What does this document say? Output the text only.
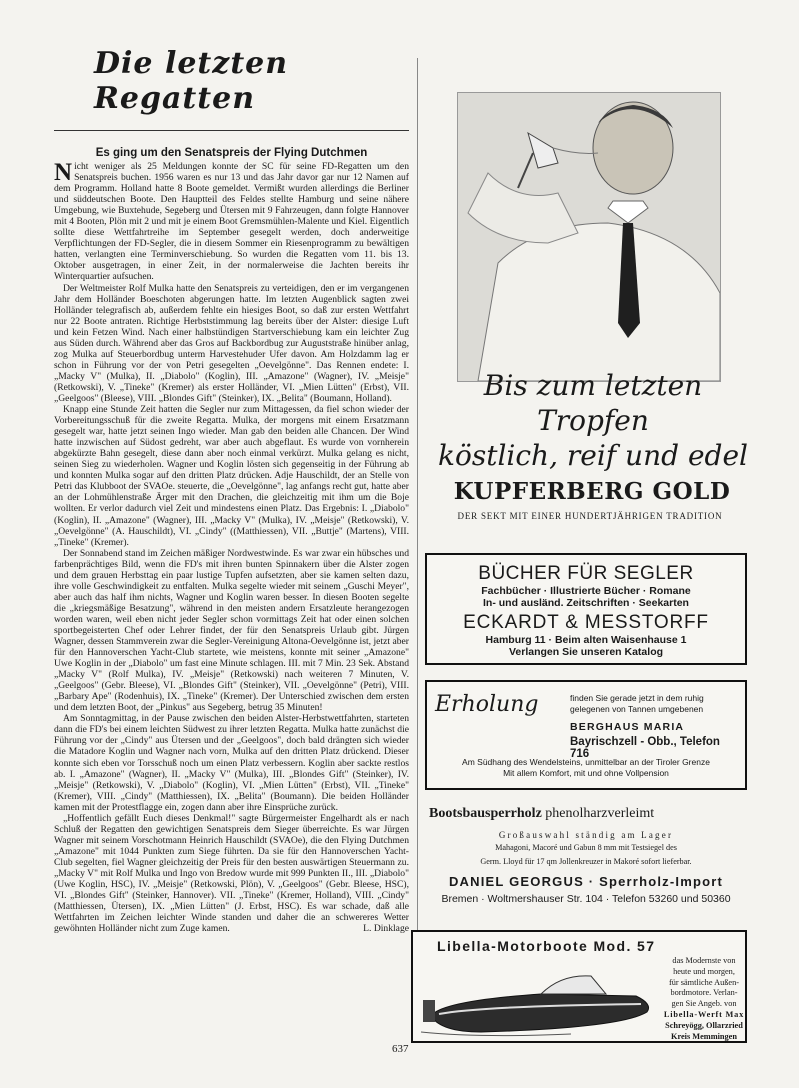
Die letzten Regatten
Es ging um den Senatspreis der Flying Dutchmen

Nicht weniger als 25 Meldungen konnte der SC für seine FD-Regatten um den Senatspreis buchen. 1956 waren es nur 13 und das Jahr davor gar nur 12 Namen auf dem Programm. Holland hatte 8 Boote gemeldet. Vermißt wurden allerdings die Berliner und süddeutschen Boote. Den Hauptteil des Feldes stellte Hamburg und seine nähere Umgebung, wie Buxtehude, Segeberg und Ütersen mit 9 Fahrzeugen, dann folgte Hannover mit 4 Booten, Plön mit 2 und mit je einem Boot Gremsmühlen-Malente und Kiel. Eigentlich sollte diese Wettfahrtreihe im September gesegelt werden, doch anderweitige Verpflichtungen der FD-Segler, die in diesem Sommer ein Riesenprogramm zu bewältigen hatten, verlangten eine Terminverschiebung. So wurden die Regatten vom 11. bis 13. Oktober ausgetragen, in einer Zeit, in der normalerweise die Jachten bereits ihr Winterquartier aufsuchen.

Der Weltmeister Rolf Mulka hatte den Senatspreis zu verteidigen, den er im vergangenen Jahr dem Holländer Boeschoten abgerungen hatte. Im letzten Augenblick sagten zwei Holländer telegrafisch ab, außerdem fehlte ein hiesiges Boot, so daß zur ersten Wettfahrt nur 22 Boote antraten. Richtige Herbststimmung lag bereits über der Alster: diesige Luft und kein Fetzen Wind. Nach einer halbstündigen Startverschiebung kam ein leichter Zug aus Süden durch. Während aber das Gros auf Backbordbug zur Auguststraße hinüber anlag, zog Mulka auf Steuerbordbug unterm Harvestehuder Ufer davon. Am Holzdamm lag er schon in Führung vor der von Petri gesegelten „Oevelgönne". Das Rennen endete: I. „Macky V" (Mulka), II. „Diabolo" (Koglin), III. „Amazone" (Wagner), IV. „Meisje" (Retkowski), V. „Tineke" (Kremer) als erster Holländer, VI. „Mien Lütten" (Erbst), VII. „Geelgoos" (Bleese), VIII. „Blondes Gift" (Steinker), IX. „Belita" (Boumann, Holland).

Knapp eine Stunde Zeit hatten die Segler nur zum Mittagessen, da fiel schon wieder der Vorbereitungsschuß für die zweite Regatta. Mulka, der morgens mit einem Ersatzmann gesegelt war, hatte jetzt seinen Ingo wieder. Man gab den beiden alle Chancen. Der Wind hatte inzwischen auf Südost gedreht, war aber auch abgeflaut. Es wurde von vornherein abgekürzte Bahn gesegelt, diese dann aber noch einmal verkürzt. Mulka gelang es nicht, seinen Sieg zu wiederholen. Wagner und Koglin lösten sich gegenseitig in der Führung ab und konnten Mulka sogar auf den dritten Platz drücken. Adje Hauschildt, der an Stelle von Petri das Klubboot der SVAOe. steuerte, die „Oevelgönne", lag anfangs recht gut, hatte aber an der Lohmühlenstraße Ärger mit den Drachen, die gleichzeitig mit ihm um die Boje wollten. Er verlor dadurch viel Zeit und mindestens einen Platz. Das Ergebnis: I. „Diabolo" (Koglin), II. „Amazone" (Wagner), III. „Macky V" (Mulka), IV. „Meisje" (Retkowski), V. „Oevelgönne" (A. Hauschildt), VI. „Cindy" ((Matthiessen), VII. „Buttje" (Martens), VIII. „Tineke" (Kremer).

Der Sonnabend stand im Zeichen mäßiger Nordwestwinde. Es war zwar ein hübsches und farbenprächtiges Bild, wenn die FD's mit ihren bunten Spinnakern über die Alster zogen und dem grauen Herbsttag ein paar lustige Tupfen aufsetzten, aber sie kamen selten dazu, ihre volle Geschwindigkeit zu entfalten. Mulka segelte wieder mit seinem „Guschi Meyer", aber auch das half ihm nichts, Wagner und Koglin waren besser. In diesen Booten segelte die „kriegsmäßige Besatzung", während in den meisten andern Ersatzleute herangezogen worden waren, weil eben nicht jeder Segler schon vormittags Zeit hat oder einen solchen sportbegeisterten Chef oder Lehrer findet, der für den Senatspreis Urlaub gibt. Jürgen Wagner, dessen Stammverein zwar die Segler-Vereinigung Altona-Oevelgönne ist, jetzt aber für den Hannoverschen Yacht-Club startete, wie meistens, konnte mit seiner „Amazone" Uwe Koglin in der „Diabolo" um fast eine Minute schlagen. III. mit 7 Min. 23 Sek. Abstand „Macky V" (Rolf Mulka), IV. „Meisje" (Retkowski) nach weiteren 7 Minuten, V. „Geelgoos" (Gebr. Bleese), VI. „Blondes Gift" (Steinker), VII. „Oevelgönne" (Petri), VIII. „Barbary Ape" (Rodenhuis), IX. „Tineke" (Kremer). Der Unterschied zwischen dem ersten und dem letzten Boot, der „Pinkus" aus Segeberg, betrug 35 Minuten!

Am Sonntagmittag, in der Pause zwischen den beiden Alster-Herbstwettfahrten, starteten dann die FD's bei einem leichten Südwest zu ihrer letzten Regatta. Mulka hatte zunächst die Führung vor der „Cindy" aus Ütersen und der „Geelgoos", doch bald drängten sich wieder die Matadore Koglin und Wagner nach vorn, Mulka auf den dritten Platz drückend. Dieser konnte sich eben vor Torsschuß noch um einen Platz verbessern. Koglin aber sackte restlos ab. I. „Amazone" (Wagner), II. „Macky V" (Mulka), III. „Blondes Gift" (Steinker), IV. „Meisje" (Retkowski), V. „Diabolo" (Koglin), VI. „Mien Lütten" (Erbst), VII. „Tineke" (Kremer), VIII. „Cindy" (Matthiessen), IX. „Belita" (Boumann). Die beiden Holländer kamen mit der Protestflagge ein, zogen dann aber ihre Einsprüche zurück.

„Hoffentlich gefällt Euch dieses Denkmal!" sagte Bürgermeister Engelhardt als er nach Schluß der Regatten den gewichtigen Senatspreis dem Sieger überreichte. Es war Jürgen Wagner mit seinem Vorschotmann Heinrich Hauschildt (SVAOe), die den Flying Dutchmen „Amazone" mit 1044 Punkten zum Siege führten. Da sie für den Hannoverschen Yacht-Club segelten, fiel Wagner gleichzeitig der Preis für den besten auswärtigen Steuermann zu. „Macky V" mit Rolf Mulka und Ingo von Bredow wurde mit 999 Punkten II., III. „Diabolo" (Uwe Koglin, HSC), IV. „Meisje" (Retkowski, Plön), V. „Geelgoos" (Gebr. Bleese, HSC), VI. „Blondes Gift" (Steinker, Hannover). VII. „Tineke" (Kremer, Holland), VIII. „Cindy" (Matthiessen, Ütersen), IX. „Mien Lütten" (J. Erbst, HSC). Es war schade, daß alle Wettfahrten im Zeichen leichter Winde standen und daher die an schwereres Wetter gewöhnten Holländer nicht zum Zuge kamen.	L. Dinklage
637
Bis zum letzten Tropfen
köstlich, reif und edel
KUPFERBERG GOLD
DER SEKT MIT EINER HUNDERTJÄHRIGEN TRADITION
BÜCHER FÜR SEGLER
Fachbücher · Illustrierte Bücher · Romane
In- und ausländ. Zeitschriften · Seekarten
ECKARDT & MESSTORFF
Hamburg 11 · Beim alten Waisenhause 1
Verlangen Sie unseren Katalog
Erholung	finden Sie gerade jetzt in dem ruhig gelegenen von Tannen umgebenen
BERGHAUS MARIA
Bayrischzell - Obb., Telefon 716
Am Südhang des Wendelsteins, unmittelbar an der Tiroler Grenze
Mit allem Komfort, mit und ohne Vollpension
Bootsbausperrholz phenolharzverleimt
Großauswahl ständig am Lager
Mahagoni, Macoré und Gabun 8 mm mit Testsiegel des
Germ. Lloyd für 17 qm Jollenkreuzer in Makoré sofort lieferbar.
DANIEL GEORGUS · Sperrholz-Import
Bremen · Woltmershauser Str. 104 · Telefon 53260 und 50360
Libella-Motorboote Mod. 57
das Modernste von
heute und morgen,
für sämtliche Außen-
bordmotore. Verlan-
gen Sie Angeb. von
Libella-Werft Max
Schreyögg, Ollarzried
Kreis Memmingen
